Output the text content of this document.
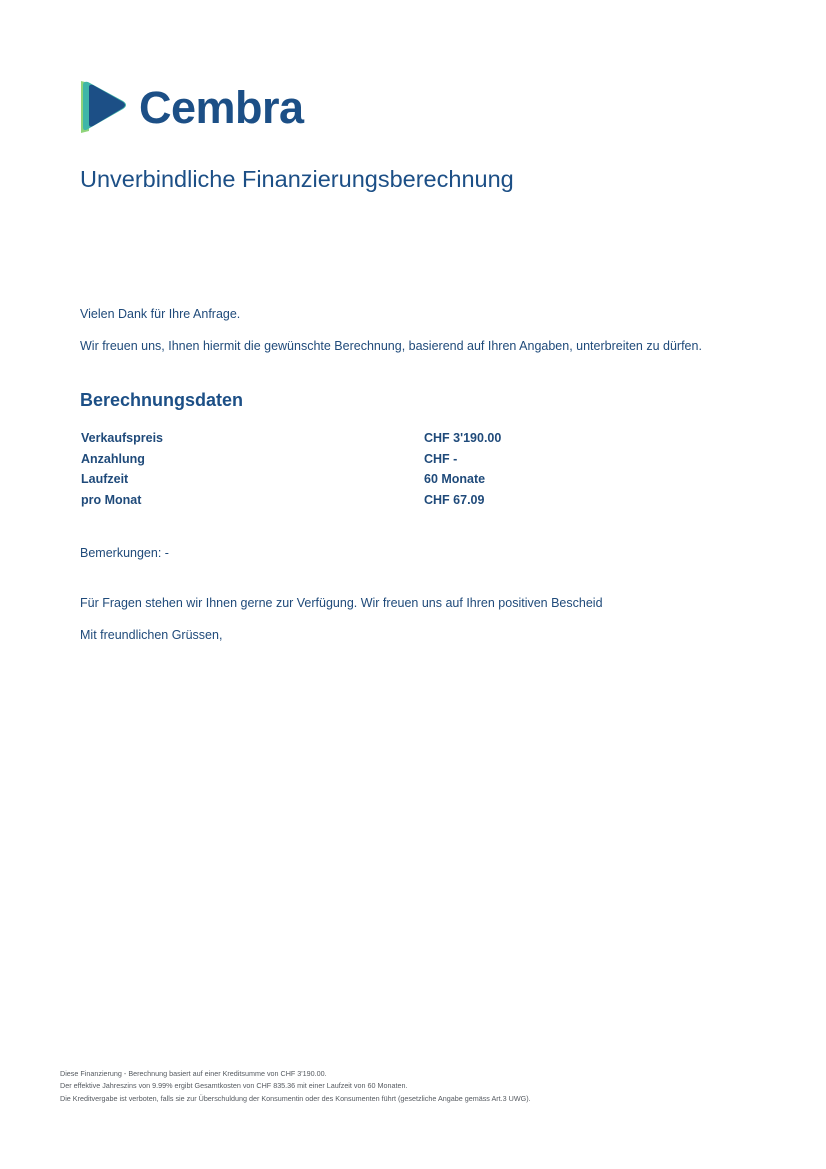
Cembra
Unverbindliche Finanzierungsberechnung

Vielen Dank für Ihre Anfrage.

Wir freuen uns, Ihnen hiermit die gewünschte Berechnung, basierend auf Ihren Angaben, unterbreiten zu dürfen.

Berechnungsdaten
Verkaufspreis	CHF 3'190.00
Anzahlung	CHF -
Laufzeit	60 Monate
pro Monat	CHF 67.09

Bemerkungen: -

Für Fragen stehen wir Ihnen gerne zur Verfügung. Wir freuen uns auf Ihren positiven Bescheid

Mit freundlichen Grüssen,

Diese Finanzierung - Berechnung basiert auf einer Kreditsumme von CHF 3'190.00.
Der effektive Jahreszins von 9.99% ergibt Gesamtkosten von CHF 835.36 mit einer Laufzeit von 60 Monaten.
Die Kreditvergabe ist verboten, falls sie zur Überschuldung der Konsumentin oder des Konsumenten führt (gesetzliche Angabe gemäss Art.3 UWG).
